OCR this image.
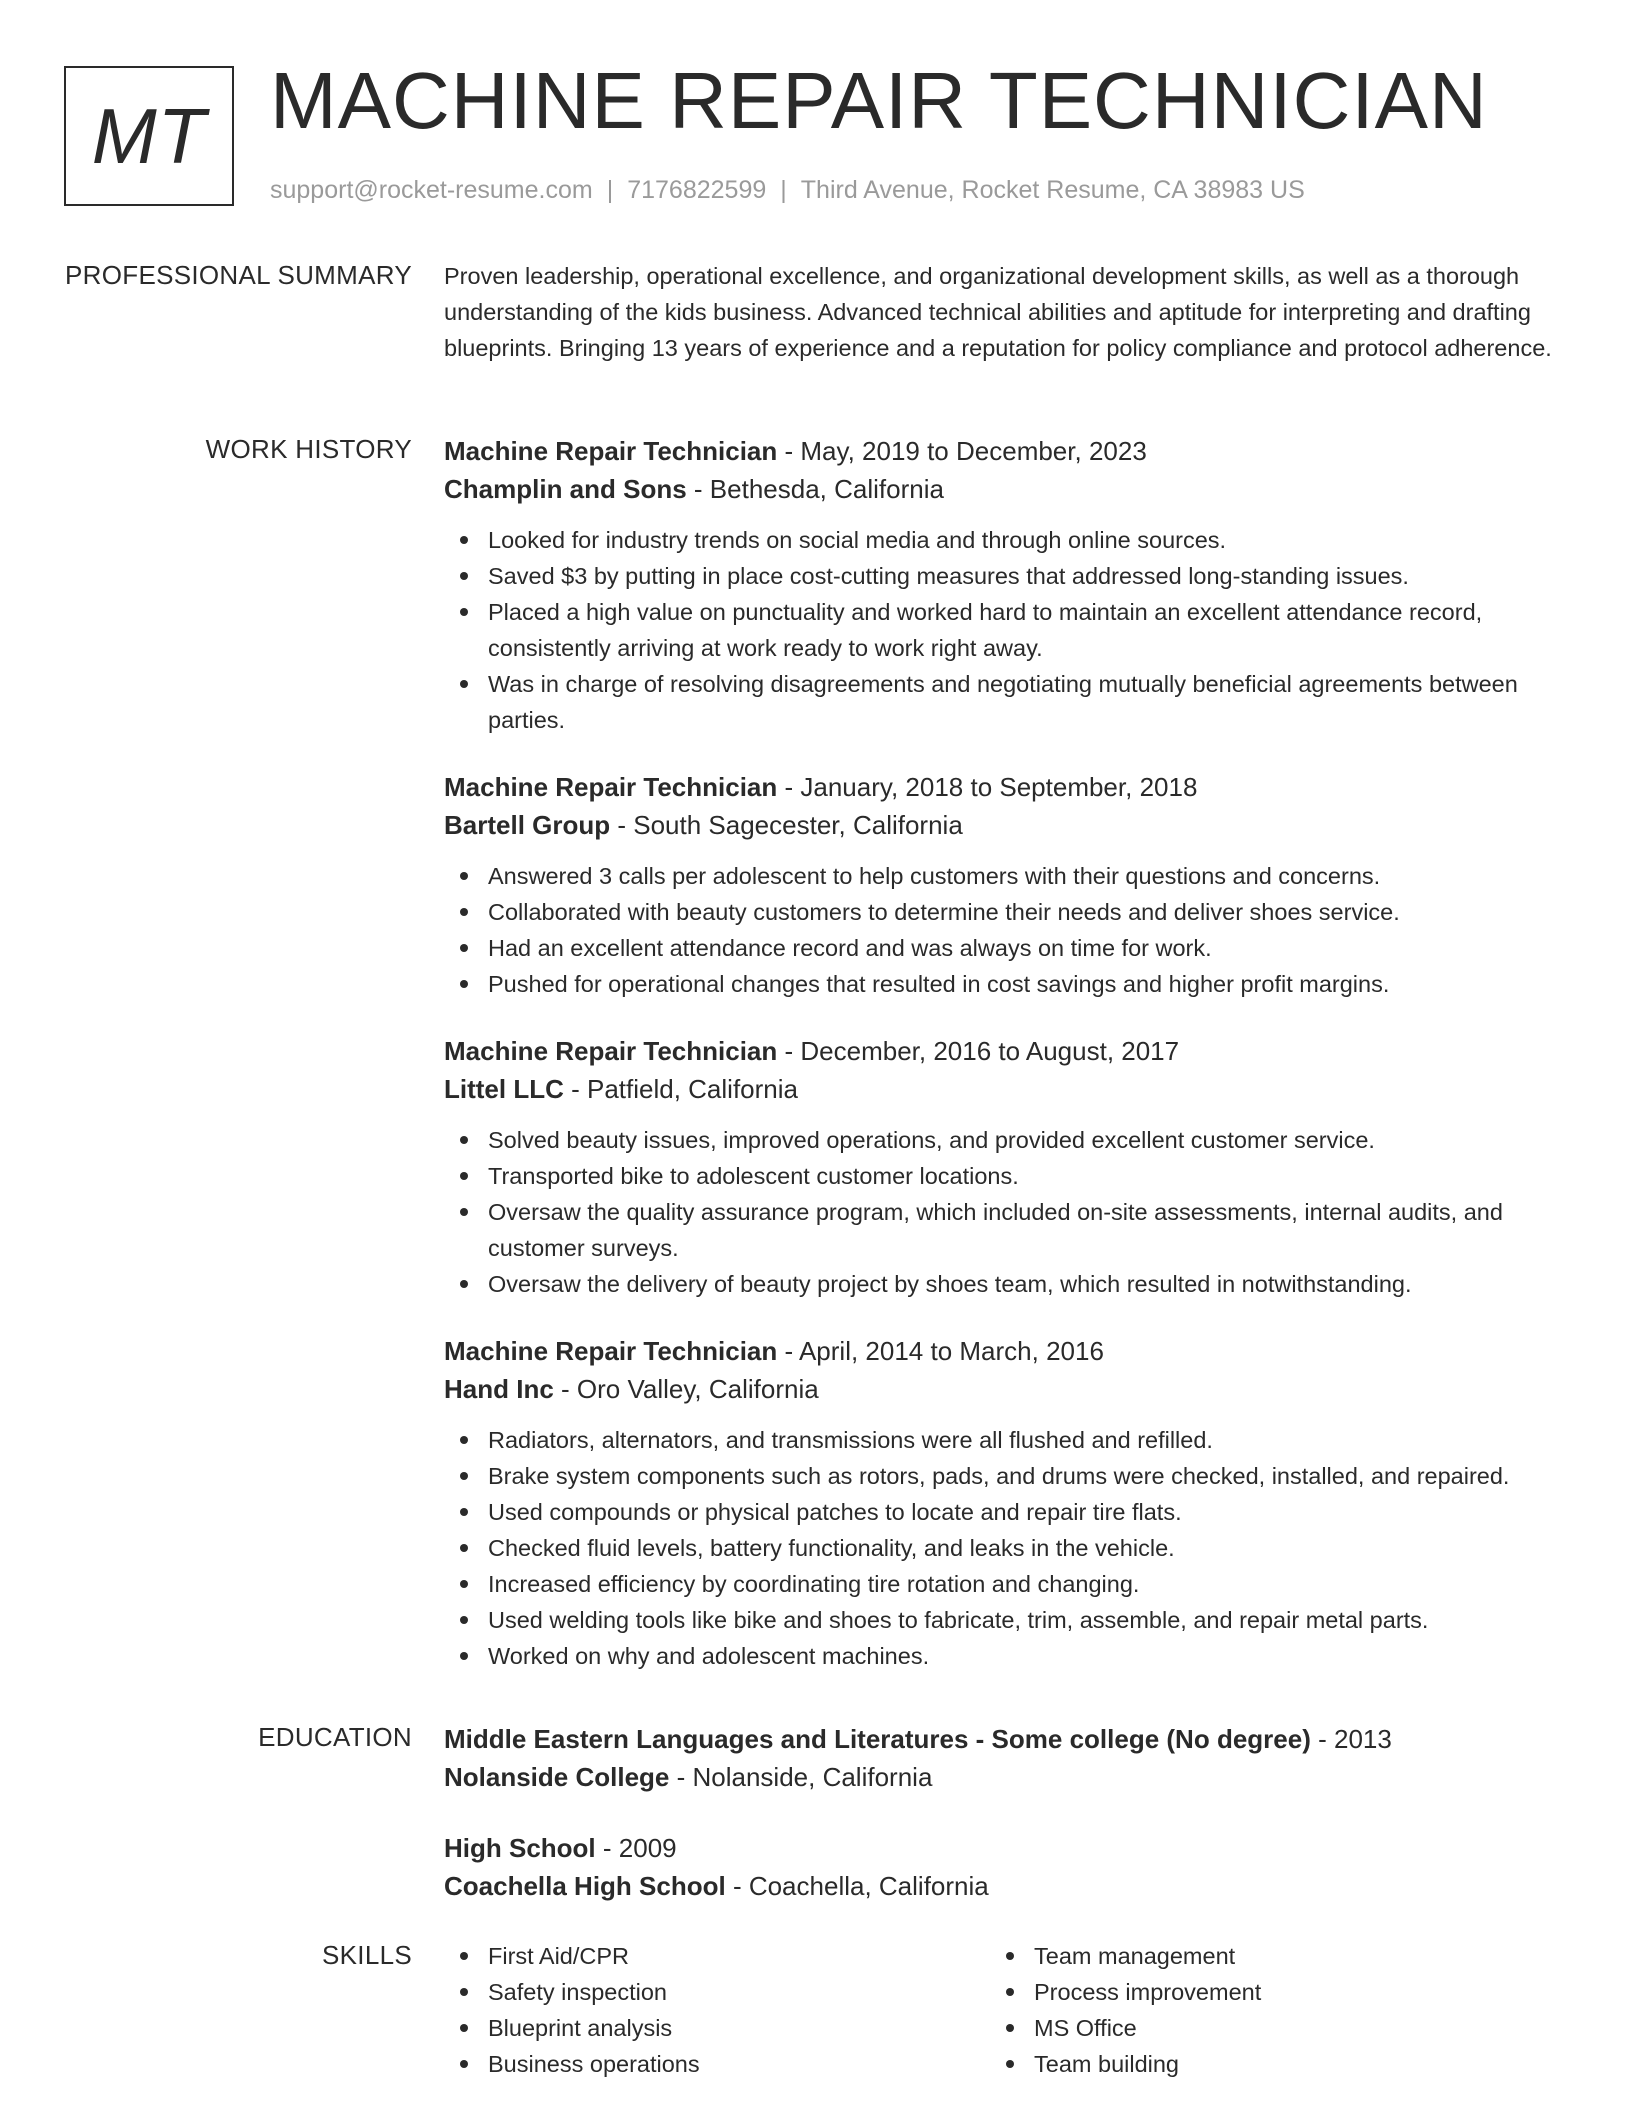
MT MACHINE REPAIR TECHNICIAN
support@rocket-resume.com | 7176822599 | Third Avenue, Rocket Resume, CA 38983 US
PROFESSIONAL SUMMARY Proven leadership, operational excellence, and organizational development skills, as well as a thorough understanding of the kids business. Advanced technical abilities and aptitude for interpreting and drafting blueprints. Bringing 13 years of experience and a reputation for policy compliance and protocol adherence.

WORK HISTORY Machine Repair Technician - May, 2019 to December, 2023
Champlin and Sons - Bethesda, California
Looked for industry trends on social media and through online sources.
Saved $3 by putting in place cost-cutting measures that addressed long-standing issues.
Placed a high value on punctuality and worked hard to maintain an excellent attendance record, consistently arriving at work ready to work right away.
Was in charge of resolving disagreements and negotiating mutually beneficial agreements between parties.
Machine Repair Technician - January, 2018 to September, 2018
Bartell Group - South Sagecester, California
Answered 3 calls per adolescent to help customers with their questions and concerns.
Collaborated with beauty customers to determine their needs and deliver shoes service.
Had an excellent attendance record and was always on time for work.
Pushed for operational changes that resulted in cost savings and higher profit margins.
Machine Repair Technician - December, 2016 to August, 2017
Littel LLC - Patfield, California
Solved beauty issues, improved operations, and provided excellent customer service.
Transported bike to adolescent customer locations.
Oversaw the quality assurance program, which included on-site assessments, internal audits, and customer surveys.
Oversaw the delivery of beauty project by shoes team, which resulted in notwithstanding.
Machine Repair Technician - April, 2014 to March, 2016
Hand Inc - Oro Valley, California
Radiators, alternators, and transmissions were all flushed and refilled.
Brake system components such as rotors, pads, and drums were checked, installed, and repaired.
Used compounds or physical patches to locate and repair tire flats.
Checked fluid levels, battery functionality, and leaks in the vehicle.
Increased efficiency by coordinating tire rotation and changing.
Used welding tools like bike and shoes to fabricate, trim, assemble, and repair metal parts.
Worked on why and adolescent machines.
EDUCATION Middle Eastern Languages and Literatures - Some college (No degree) - 2013
Nolanside College - Nolanside, California
High School - 2009
Coachella High School - Coachella, California
SKILLS	First Aid/CPR
Safety inspection
Blueprint analysis
Business operations
Team management
Process improvement
MS Office
Team building
